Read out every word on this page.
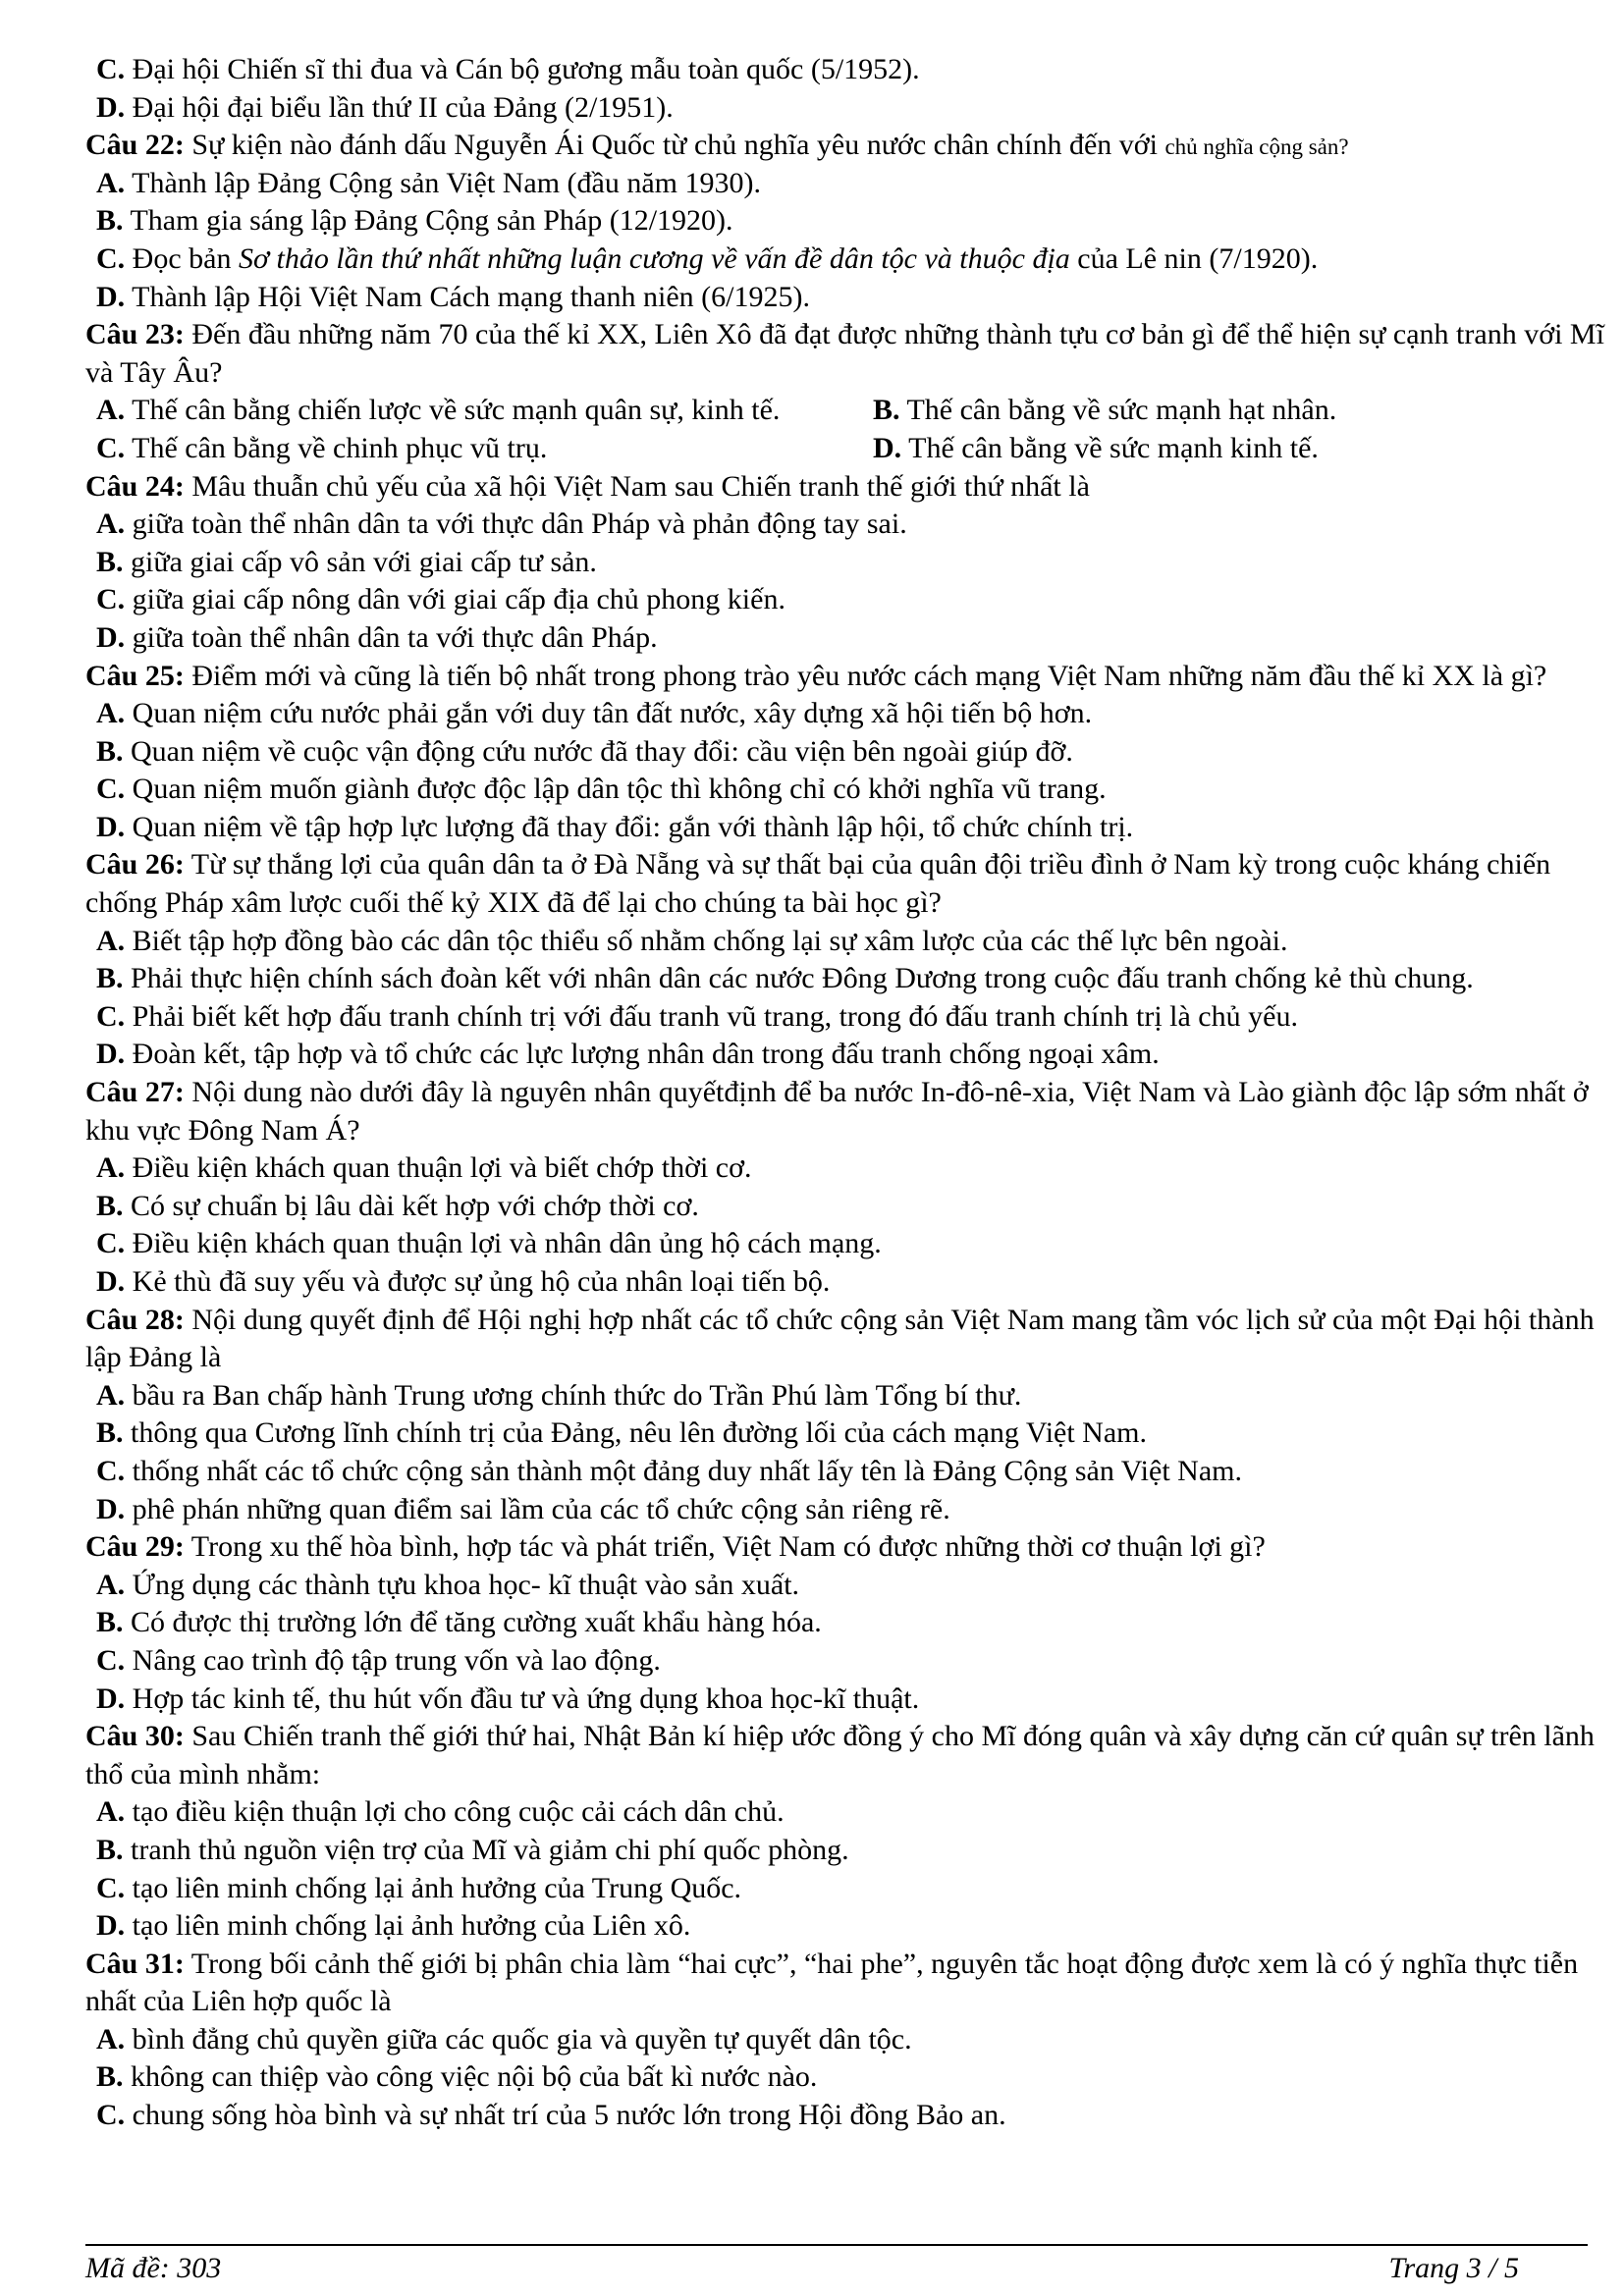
C. Đại hội Chiến sĩ thi đua và Cán bộ gương mẫu toàn quốc (5/1952).
D. Đại hội đại biểu lần thứ II của Đảng (2/1951).
Câu 22: Sự kiện nào đánh dấu Nguyễn Ái Quốc từ chủ nghĩa yêu nước chân chính đến với chủ nghĩa cộng sản?
A. Thành lập Đảng Cộng sản Việt Nam (đầu năm 1930).
B. Tham gia sáng lập Đảng Cộng sản Pháp (12/1920).
C. Đọc bản Sơ thảo lần thứ nhất những luận cương về vấn đề dân tộc và thuộc địa của Lê nin (7/1920).
D. Thành lập Hội Việt Nam Cách mạng thanh niên (6/1925).
Câu 23: Đến đầu những năm 70 của thế kỉ XX, Liên Xô đã đạt được những thành tựu cơ bản gì để thể hiện sự cạnh tranh với Mĩ và Tây Âu?
A. Thế cân bằng chiến lược về sức mạnh quân sự, kinh tế.	B. Thế cân bằng về sức mạnh hạt nhân.
C. Thế cân bằng về chinh phục vũ trụ.	D. Thế cân bằng về sức mạnh kinh tế.
Câu 24: Mâu thuẫn chủ yếu của xã hội Việt Nam sau Chiến tranh thế giới thứ nhất là
A. giữa toàn thể nhân dân ta với thực dân Pháp và phản động tay sai.
B. giữa giai cấp vô sản với giai cấp tư sản.
C. giữa giai cấp nông dân với giai cấp địa chủ phong kiến.
D. giữa toàn thể nhân dân ta với thực dân Pháp.
Câu 25: Điểm mới và cũng là tiến bộ nhất trong phong trào yêu nước cách mạng Việt Nam những năm đầu thế kỉ XX là gì?
A. Quan niệm cứu nước phải gắn với duy tân đất nước, xây dựng xã hội tiến bộ hơn.
B. Quan niệm về cuộc vận động cứu nước đã thay đổi: cầu viện bên ngoài giúp đỡ.
C. Quan niệm muốn giành được độc lập dân tộc thì không chỉ có khởi nghĩa vũ trang.
D. Quan niệm về tập hợp lực lượng đã thay đổi: gắn với thành lập hội, tổ chức chính trị.
Câu 26: Từ sự thắng lợi của quân dân ta ở Đà Nẵng và sự thất bại của quân đội triều đình ở Nam kỳ trong cuộc kháng chiến chống Pháp xâm lược cuối thế kỷ XIX đã để lại cho chúng ta bài học gì?
A. Biết tập hợp đồng bào các dân tộc thiểu số nhằm chống lại sự xâm lược của các thế lực bên ngoài.
B. Phải thực hiện chính sách đoàn kết với nhân dân các nước Đông Dương trong cuộc đấu tranh chống kẻ thù chung.
C. Phải biết kết hợp đấu tranh chính trị với đấu tranh vũ trang, trong đó đấu tranh chính trị là chủ yếu.
D. Đoàn kết, tập hợp và tổ chức các lực lượng nhân dân trong đấu tranh chống ngoại xâm.
Câu 27: Nội dung nào dưới đây là nguyên nhân quyếtđịnh để ba nước In-đô-nê-xia, Việt Nam và Lào giành độc lập sớm nhất ở khu vực Đông Nam Á?
A. Điều kiện khách quan thuận lợi và biết chớp thời cơ.
B. Có sự chuẩn bị lâu dài kết hợp với chớp thời cơ.
C. Điều kiện khách quan thuận lợi và nhân dân ủng hộ cách mạng.
D. Kẻ thù đã suy yếu và được sự ủng hộ của nhân loại tiến bộ.
Câu 28: Nội dung quyết định để Hội nghị hợp nhất các tổ chức cộng sản Việt Nam mang tầm vóc lịch sử của một Đại hội thành lập Đảng là
A. bầu ra Ban chấp hành Trung ương chính thức do Trần Phú làm Tổng bí thư.
B. thông qua Cương lĩnh chính trị của Đảng, nêu lên đường lối của cách mạng Việt Nam.
C. thống nhất các tổ chức cộng sản thành một đảng duy nhất lấy tên là Đảng Cộng sản Việt Nam.
D. phê phán những quan điểm sai lầm của các tổ chức cộng sản riêng rẽ.
Câu 29: Trong xu thế hòa bình, hợp tác và phát triển, Việt Nam có được những thời cơ thuận lợi gì?
A. Ứng dụng các thành tựu khoa học- kĩ thuật vào sản xuất.
B. Có được thị trường lớn để tăng cường xuất khẩu hàng hóa.
C. Nâng cao trình độ tập trung vốn và lao động.
D. Hợp tác kinh tế, thu hút vốn đầu tư và ứng dụng khoa học-kĩ thuật.
Câu 30: Sau Chiến tranh thế giới thứ hai, Nhật Bản kí hiệp ước đồng ý cho Mĩ đóng quân và xây dựng căn cứ quân sự trên lãnh thổ của mình nhằm:
A. tạo điều kiện thuận lợi cho công cuộc cải cách dân chủ.
B. tranh thủ nguồn viện trợ của Mĩ và giảm chi phí quốc phòng.
C. tạo liên minh chống lại ảnh hưởng của Trung Quốc.
D. tạo liên minh chống lại ảnh hưởng của Liên xô.
Câu 31: Trong bối cảnh thế giới bị phân chia làm “hai cực”, “hai phe”, nguyên tắc hoạt động được xem là có ý nghĩa thực tiễn nhất của Liên hợp quốc là
A. bình đẳng chủ quyền giữa các quốc gia và quyền tự quyết dân tộc.
B. không can thiệp vào công việc nội bộ của bất kì nước nào.
C. chung sống hòa bình và sự nhất trí của 5 nước lớn trong Hội đồng Bảo an.
Mã đề: 303	Trang 3 / 5
